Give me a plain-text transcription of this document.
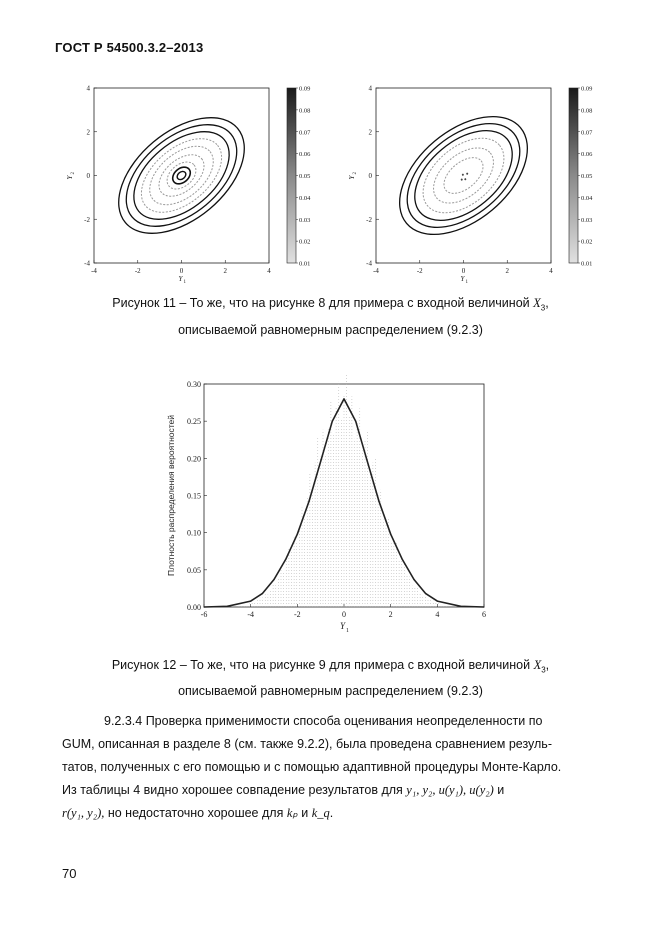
ГОСТ Р 54500.3.2–2013
-4	-2	0	2	4
4
2
0
-2
-4
Y 1
Y
2
0.09
0.08
0.07
0.06
0.05
0.04
0.03
0.02
0.01
-4	-2	0	2	4
4
2
0
-2
-4
Y 1
Y
2
0.09
0.08
0.07
0.06
0.05
0.04
0.03
0.02
0.01
Рисунок 11 – То же, что на рисунке 8 для примера с входной величиной $X_3$,
описываемой равномерным распределением (9.2.3)
-6	-4	-2	0	2	4	6
0.00
0.05
0.10
0.15
0.20
0.25
0.30
Y 1
Плотность распределения вероятностей
Рисунок 12 – То же, что на рисунке 9 для примера с входной величиной $X_3$,
описываемой равномерным распределением (9.2.3)

9.2.3.4 Проверка применимости способа оценивания неопределенности по

GUM, описанная в разделе 8 (см. также 9.2.2), была проведена сравнением резуль-

татов, полученных с его помощью и с помощью адаптивной процедуры Монте-Карло.

Из таблицы 4 видно хорошее совпадение результатов для y₁, y₂, u(y₁), u(y₂) и

r(y₁, y₂), но недостаточно хорошее для kₚ и k_q.

70
